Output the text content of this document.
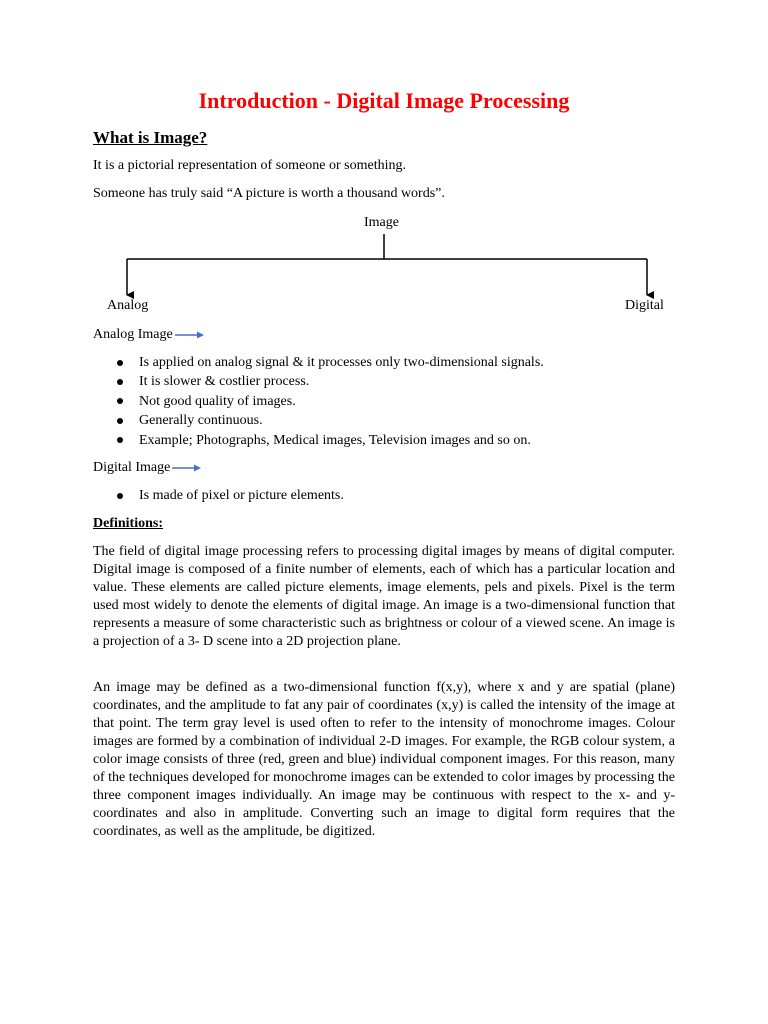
Introduction - Digital Image Processing
What is Image?

It is a pictorial representation of someone or something.

Someone has truly said “A picture is worth a thousand words”.

Image

Analog	Digital

Analog Image
Is applied on analog signal & it processes only two-dimensional signals.
It is slower & costlier process.
Not good quality of images.
Generally continuous.
Example; Photographs, Medical images, Television images and so on.
Digital Image
Is made of pixel or picture elements.

Definitions:

The field of digital image processing refers to processing digital images by means of digital computer. Digital image is composed of a finite number of elements, each of which has a particular location and value. These elements are called picture elements, image elements, pels and pixels. Pixel is the term used most widely to denote the elements of digital image. An image is a two-dimensional function that represents a measure of some characteristic such as brightness or colour of a viewed scene. An image is a projection of a 3- D scene into a 2D projection plane.

An image may be defined as a two-dimensional function f(x,y), where x and y are spatial (plane) coordinates, and the amplitude to fat any pair of coordinates (x,y) is called the intensity of the image at that point. The term gray level is used often to refer to the intensity of monochrome images. Colour images are formed by a combination of individual 2-D images. For example, the RGB colour system, a color image consists of three (red, green and blue) individual component images. For this reason, many of the techniques developed for monochrome images can be extended to color images by processing the three component images individually. An image may be continuous with respect to the x- and y- coordinates and also in amplitude. Converting such an image to digital form requires that the coordinates, as well as the amplitude, be digitized.
